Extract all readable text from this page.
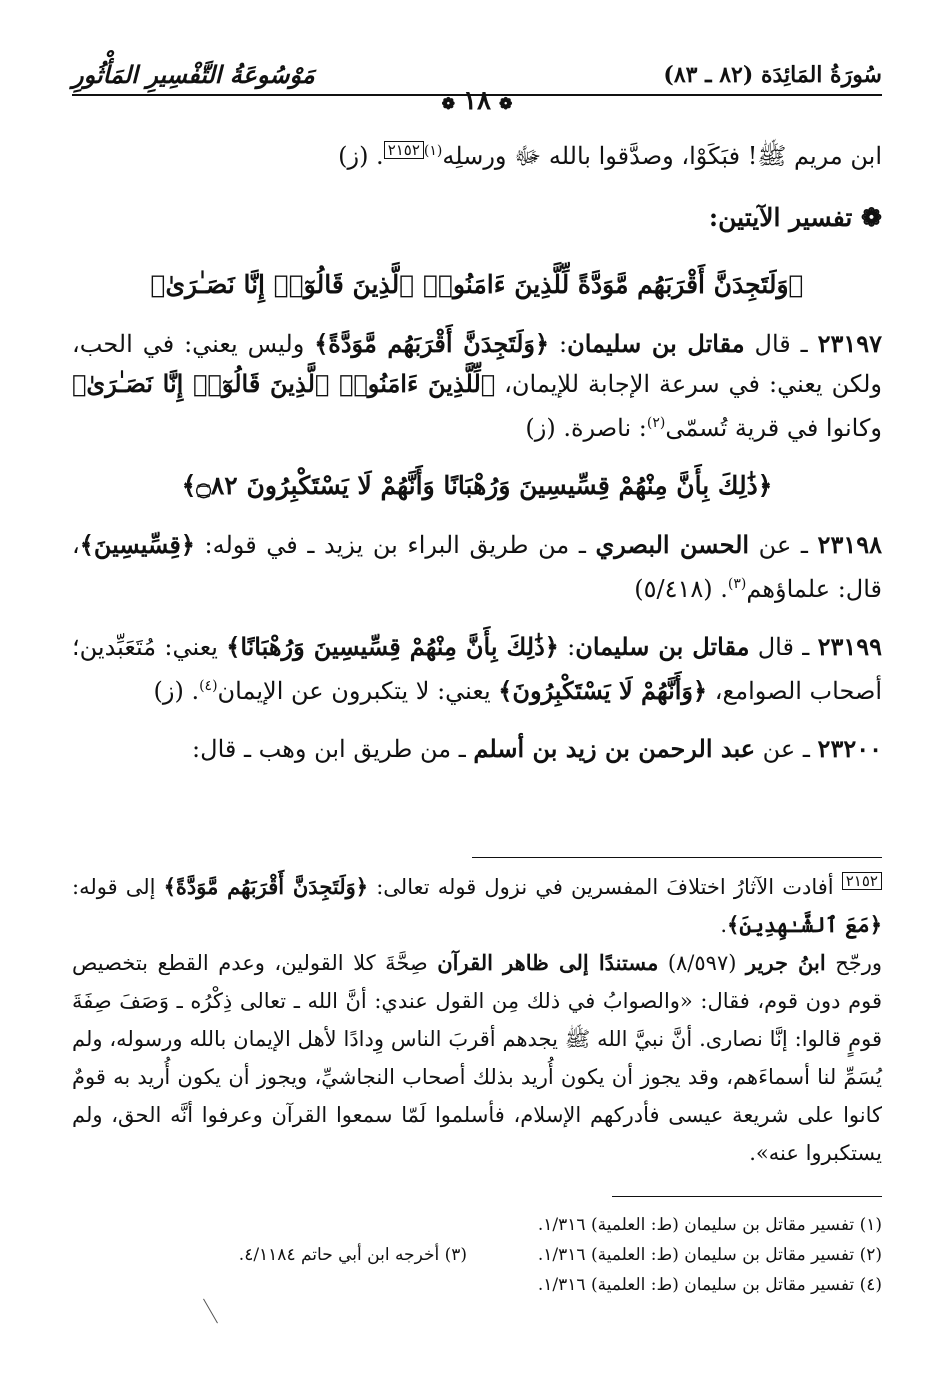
سُورَةُ المَائِدَة (٨٢ ـ ٨٣)
مَوْسُوعَةُ التَّفْسِيرِ المَأْثُورِ
❁١٨❁

ابن مريم ﷺ! فبَكَوْا، وصدَّقوا بالله ﷻ ورسلِه$^{(١)}$٢١٥٢. (ز)

❁ تفسير الآيتين:

﴿وَلَتَجِدَنَّ أَقْرَبَهُم مَّوَدَّةً لِّلَّذِينَ ءَامَنُوا۟ ٱلَّذِينَ قَالُوٓا۟ إِنَّا نَصَـٰرَىٰ﴾

٢٣١٩٧ ـ قال مقاتل بن سليمان: ﴿وَلَتَجِدَنَّ أَقْرَبَهُم مَّوَدَّةً﴾ وليس يعني: في الحب، ولكن يعني: في سرعة الإجابة للإيمان، ﴿لِّلَّذِينَ ءَامَنُوا۟ ٱلَّذِينَ قَالُوٓا۟ إِنَّا نَصَـٰرَىٰ﴾ وكانوا في قرية تُسمّى$^{(٢)}$: ناصرة. (ز)

﴿ذَٰلِكَ بِأَنَّ مِنْهُمْ قِسِّيسِينَ وَرُهْبَانًا وَأَنَّهُمْ لَا يَسْتَكْبِرُونَ ۝٨٢﴾

٢٣١٩٨ ـ عن الحسن البصري ـ من طريق البراء بن يزيد ـ في قوله: ﴿قِسِّيسِينَ﴾، قال: علماؤهم$^{(٣)}$. (٥/٤١٨)

٢٣١٩٩ ـ قال مقاتل بن سليمان: ﴿ذَٰلِكَ بِأَنَّ مِنْهُمْ قِسِّيسِينَ وَرُهْبَانًا﴾ يعني: مُتَعَبِّدين؛ أصحاب الصوامع، ﴿وَأَنَّهُمْ لَا يَسْتَكْبِرُونَ﴾ يعني: لا يتكبرون عن الإيمان$^{(٤)}$. (ز)

٢٣٢٠٠ ـ عن عبد الرحمن بن زيد بن أسلم ـ من طريق ابن وهب ـ قال:

٢١٥٢ أفادت الآثارُ اختلافَ المفسرين في نزول قوله تعالى: ﴿وَلَتَجِدَنَّ أَقْرَبَهُم مَّوَدَّةً﴾ إلى قوله: ﴿مَعَ ٱلشَّـٰهِدِينَ﴾.

ورجّح ابنُ جرير (٨/٥٩٧) مستندًا إلى ظاهر القرآن صِحَّةَ كلا القولين، وعدم القطع بتخصيص قوم دون قوم، فقال: «والصوابُ في ذلك مِن القول عندي: أنَّ الله ـ تعالى ذِكْرُه ـ وَصَفَ صِفَةَ قومٍ قالوا: إنَّا نصارى. أنَّ نبيَّ الله ﷺ يجدهم أقربَ الناس وِدادًا لأهل الإيمان بالله ورسوله، ولم يُسَمِّ لنا أسماءَهم، وقد يجوز أن يكون أُريد بذلك أصحاب النجاشيِّ، ويجوز أن يكون أُريد به قومٌ كانوا على شريعة عيسى فأدركهم الإسلام، فأسلموا لَمّا سمعوا القرآن وعرفوا أنَّه الحق، ولم يستكبروا عنه».

(١) تفسير مقاتل بن سليمان (ط: العلمية) ١/٣١٦.
(٢) تفسير مقاتل بن سليمان (ط: العلمية) ١/٣١٦.
(٣) أخرجه ابن أبي حاتم ٤/١١٨٤.
(٤) تفسير مقاتل بن سليمان (ط: العلمية) ١/٣١٦.
